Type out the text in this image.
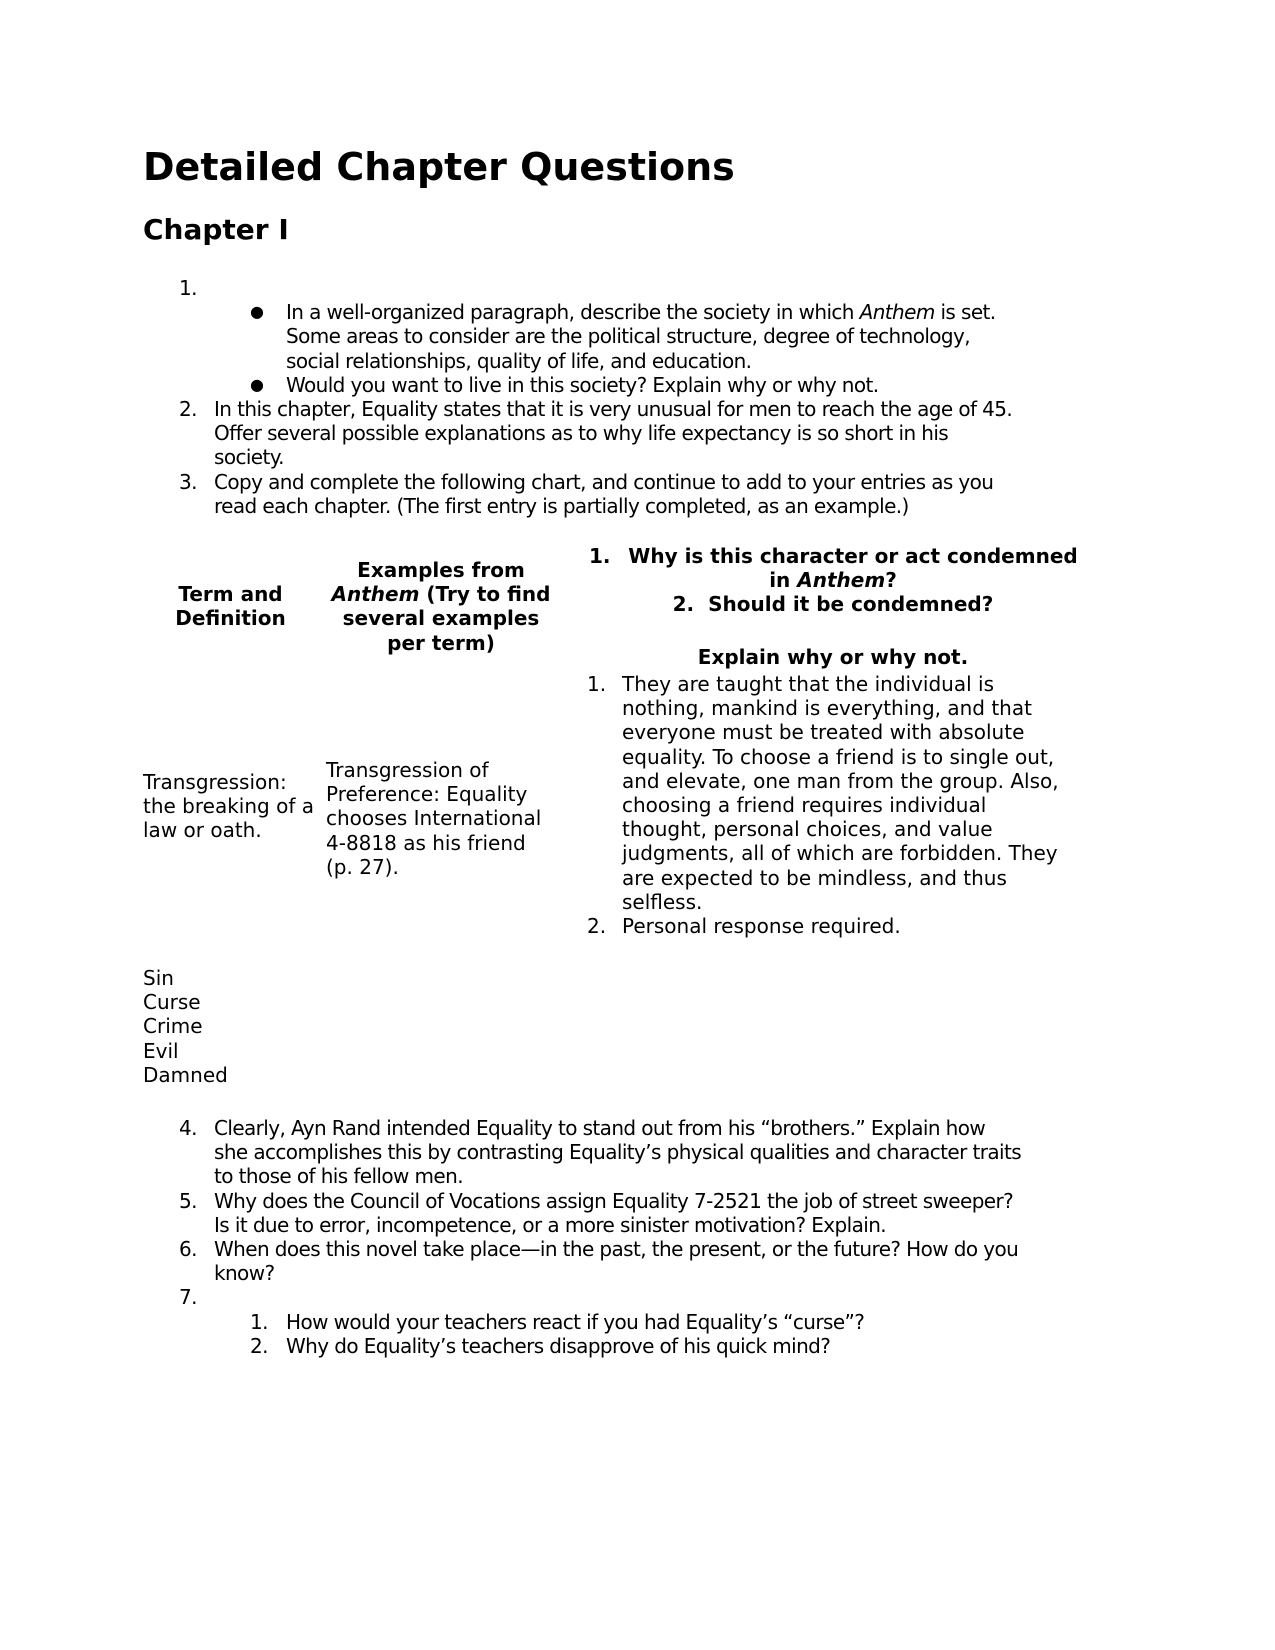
Detailed Chapter Questions
Chapter I
1.

● In a well-organized paragraph, describe the society in which Anthem is set.
Some areas to consider are the political structure, degree of technology,
social relationships, quality of life, and education.
● Would you want to live in this society? Explain why or why not.
2. In this chapter, Equality states that it is very unusual for men to reach the age of 45.
Offer several possible explanations as to why life expectancy is so short in his
society.
3. Copy and complete the following chart, and continue to add to your entries as you
read each chapter. (The first entry is partially completed, as an example.)
Term and
Definition
Examples from
Anthem (Try to find
several examples
per term)
1. Why is this character or act condemned
in Anthem?
2. Should it be condemned?
Explain why or why not.
Transgression:
the breaking of a
law or oath.
Transgression of
Preference: Equality
chooses International
4-8818 as his friend
(p. 27).
1. They are taught that the individual is
nothing, mankind is everything, and that
everyone must be treated with absolute
equality. To choose a friend is to single out,
and elevate, one man from the group. Also,
choosing a friend requires individual
thought, personal choices, and value
judgments, all of which are forbidden. They
are expected to be mindless, and thus
selfless.
2. Personal response required.
Sin
Curse
Crime
Evil
Damned
4. Clearly, Ayn Rand intended Equality to stand out from his “brothers.” Explain how
she accomplishes this by contrasting Equality’s physical qualities and character traits
to those of his fellow men.
5. Why does the Council of Vocations assign Equality 7-2521 the job of street sweeper?
Is it due to error, incompetence, or a more sinister motivation? Explain.
6. When does this novel take place—in the past, the present, or the future? How do you
know?
7.

1. How would your teachers react if you had Equality’s “curse”?
2. Why do Equality’s teachers disapprove of his quick mind?
